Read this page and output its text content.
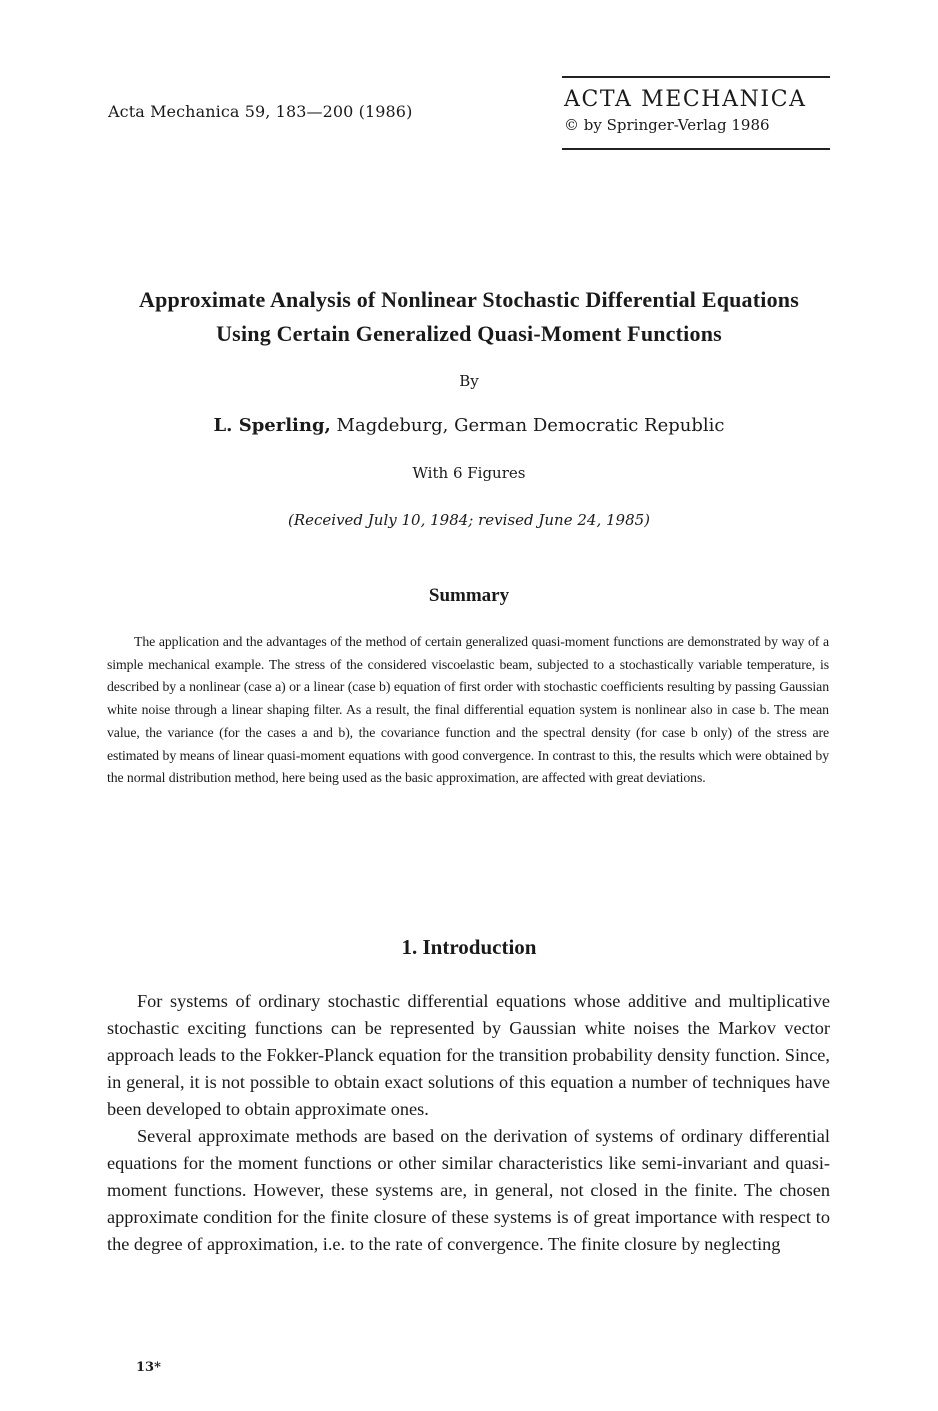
Acta Mechanica 59, 183—200 (1986)	ACTA MECHANICA
© by Springer-Verlag 1986
Approximate Analysis of Nonlinear Stochastic Differential Equations
Using Certain Generalized Quasi-Moment Functions
By
L. Sperling, Magdeburg, German Democratic Republic
With 6 Figures
(Received July 10, 1984; revised June 24, 1985)
Summary
The application and the advantages of the method of certain generalized quasi-moment functions are demonstrated by way of a simple mechanical example. The stress of the considered viscoelastic beam, subjected to a stochastically variable temperature, is described by a nonlinear (case a) or a linear (case b) equation of first order with stochastic coefficients resulting by passing Gaussian white noise through a linear shaping filter. As a result, the final differential equation system is nonlinear also in case b. The mean value, the variance (for the cases a and b), the covariance function and the spectral density (for case b only) of the stress are estimated by means of linear quasi-moment equations with good convergence. In contrast to this, the results which were obtained by the normal distribution method, here being used as the basic approximation, are affected with great deviations.
1. Introduction

For systems of ordinary stochastic differential equations whose additive and multiplicative stochastic exciting functions can be represented by Gaussian white noises the Markov vector approach leads to the Fokker-Planck equation for the transition probability density function. Since, in general, it is not possible to obtain exact solutions of this equation a number of techniques have been developed to obtain approximate ones.

Several approximate methods are based on the derivation of systems of ordinary differential equations for the moment functions or other similar characteristics like semi-invariant and quasi-moment functions. However, these systems are, in general, not closed in the finite. The chosen approximate condition for the finite closure of these systems is of great importance with respect to the degree of approximation, i.e. to the rate of convergence. The finite closure by neglecting

13*
